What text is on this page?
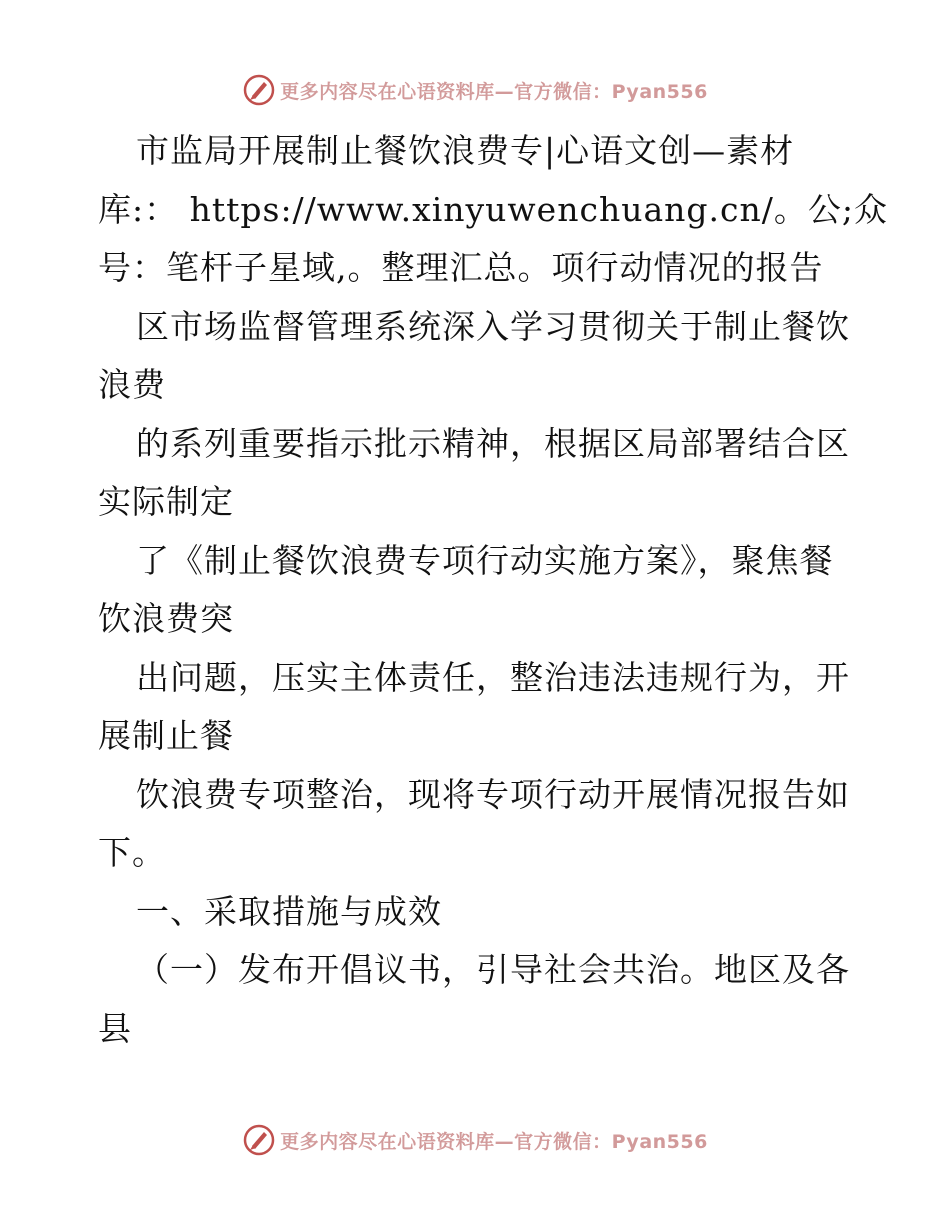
更多内容尽在心语资料库—官方微信：Pyan556
市监局开展制止餐饮浪费专|心语文创—素材
库:： https://www.xinyuwenchuang.cn/。公;众
号：笔杆子星域,。整理汇总。项行动情况的报告
区市场监督管理系统深入学习贯彻关于制止餐饮
浪费
的系列重要指示批示精神，根据区局部署结合区
实际制定
了《制止餐饮浪费专项行动实施方案》，聚焦餐
饮浪费突
出问题，压实主体责任，整治违法违规行为，开
展制止餐
饮浪费专项整治，现将专项行动开展情况报告如
下。
一、采取措施与成效
（一）发布开倡议书，引导社会共治。地区及各
县
更多内容尽在心语资料库—官方微信：Pyan556
